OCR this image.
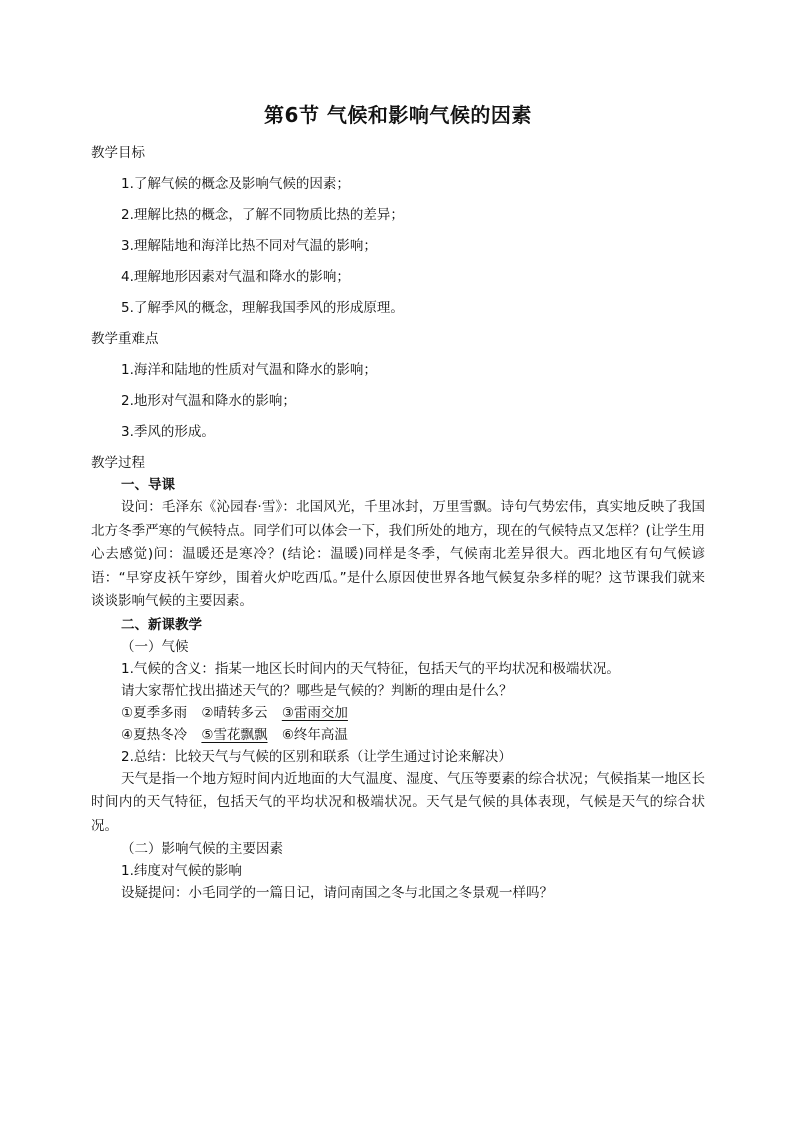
第6节 气候和影响气候的因素

教学目标

1.了解气候的概念及影响气候的因素；

2.理解比热的概念，了解不同物质比热的差异；

3.理解陆地和海洋比热不同对气温的影响；

4.理解地形因素对气温和降水的影响；

5.了解季风的概念，理解我国季风的形成原理。

教学重难点

1.海洋和陆地的性质对气温和降水的影响；

2.地形对气温和降水的影响；

3.季风的形成。

教学过程

一、导课

设问：毛泽东《沁园春·雪》：北国风光，千里冰封，万里雪飘。诗句气势宏伟，真实地反映了我国北方冬季严寒的气候特点。同学们可以体会一下，我们所处的地方，现在的气候特点又怎样？(让学生用心去感觉)问：温暖还是寒冷？(结论：温暖)同样是冬季，气候南北差异很大。西北地区有句气候谚语：“早穿皮袄午穿纱，围着火炉吃西瓜。”是什么原因使世界各地气候复杂多样的呢？这节课我们就来谈谈影响气候的主要因素。

二、新课教学

（一）气候

1.气候的含义：指某一地区长时间内的天气特征，包括天气的平均状况和极端状况。

请大家帮忙找出描述天气的？哪些是气候的？判断的理由是什么？

①夏季多雨 ②晴转多云 ③雷雨交加

④夏热冬冷 ⑤雪花飘飘 ⑥终年高温

2.总结：比较天气与气候的区别和联系（让学生通过讨论来解决）

天气是指一个地方短时间内近地面的大气温度、湿度、气压等要素的综合状况；气候指某一地区长时间内的天气特征，包括天气的平均状况和极端状况。天气是气候的具体表现，气候是天气的综合状况。

（二）影响气候的主要因素

1.纬度对气候的影响

设疑提问：小毛同学的一篇日记，请问南国之冬与北国之冬景观一样吗？
